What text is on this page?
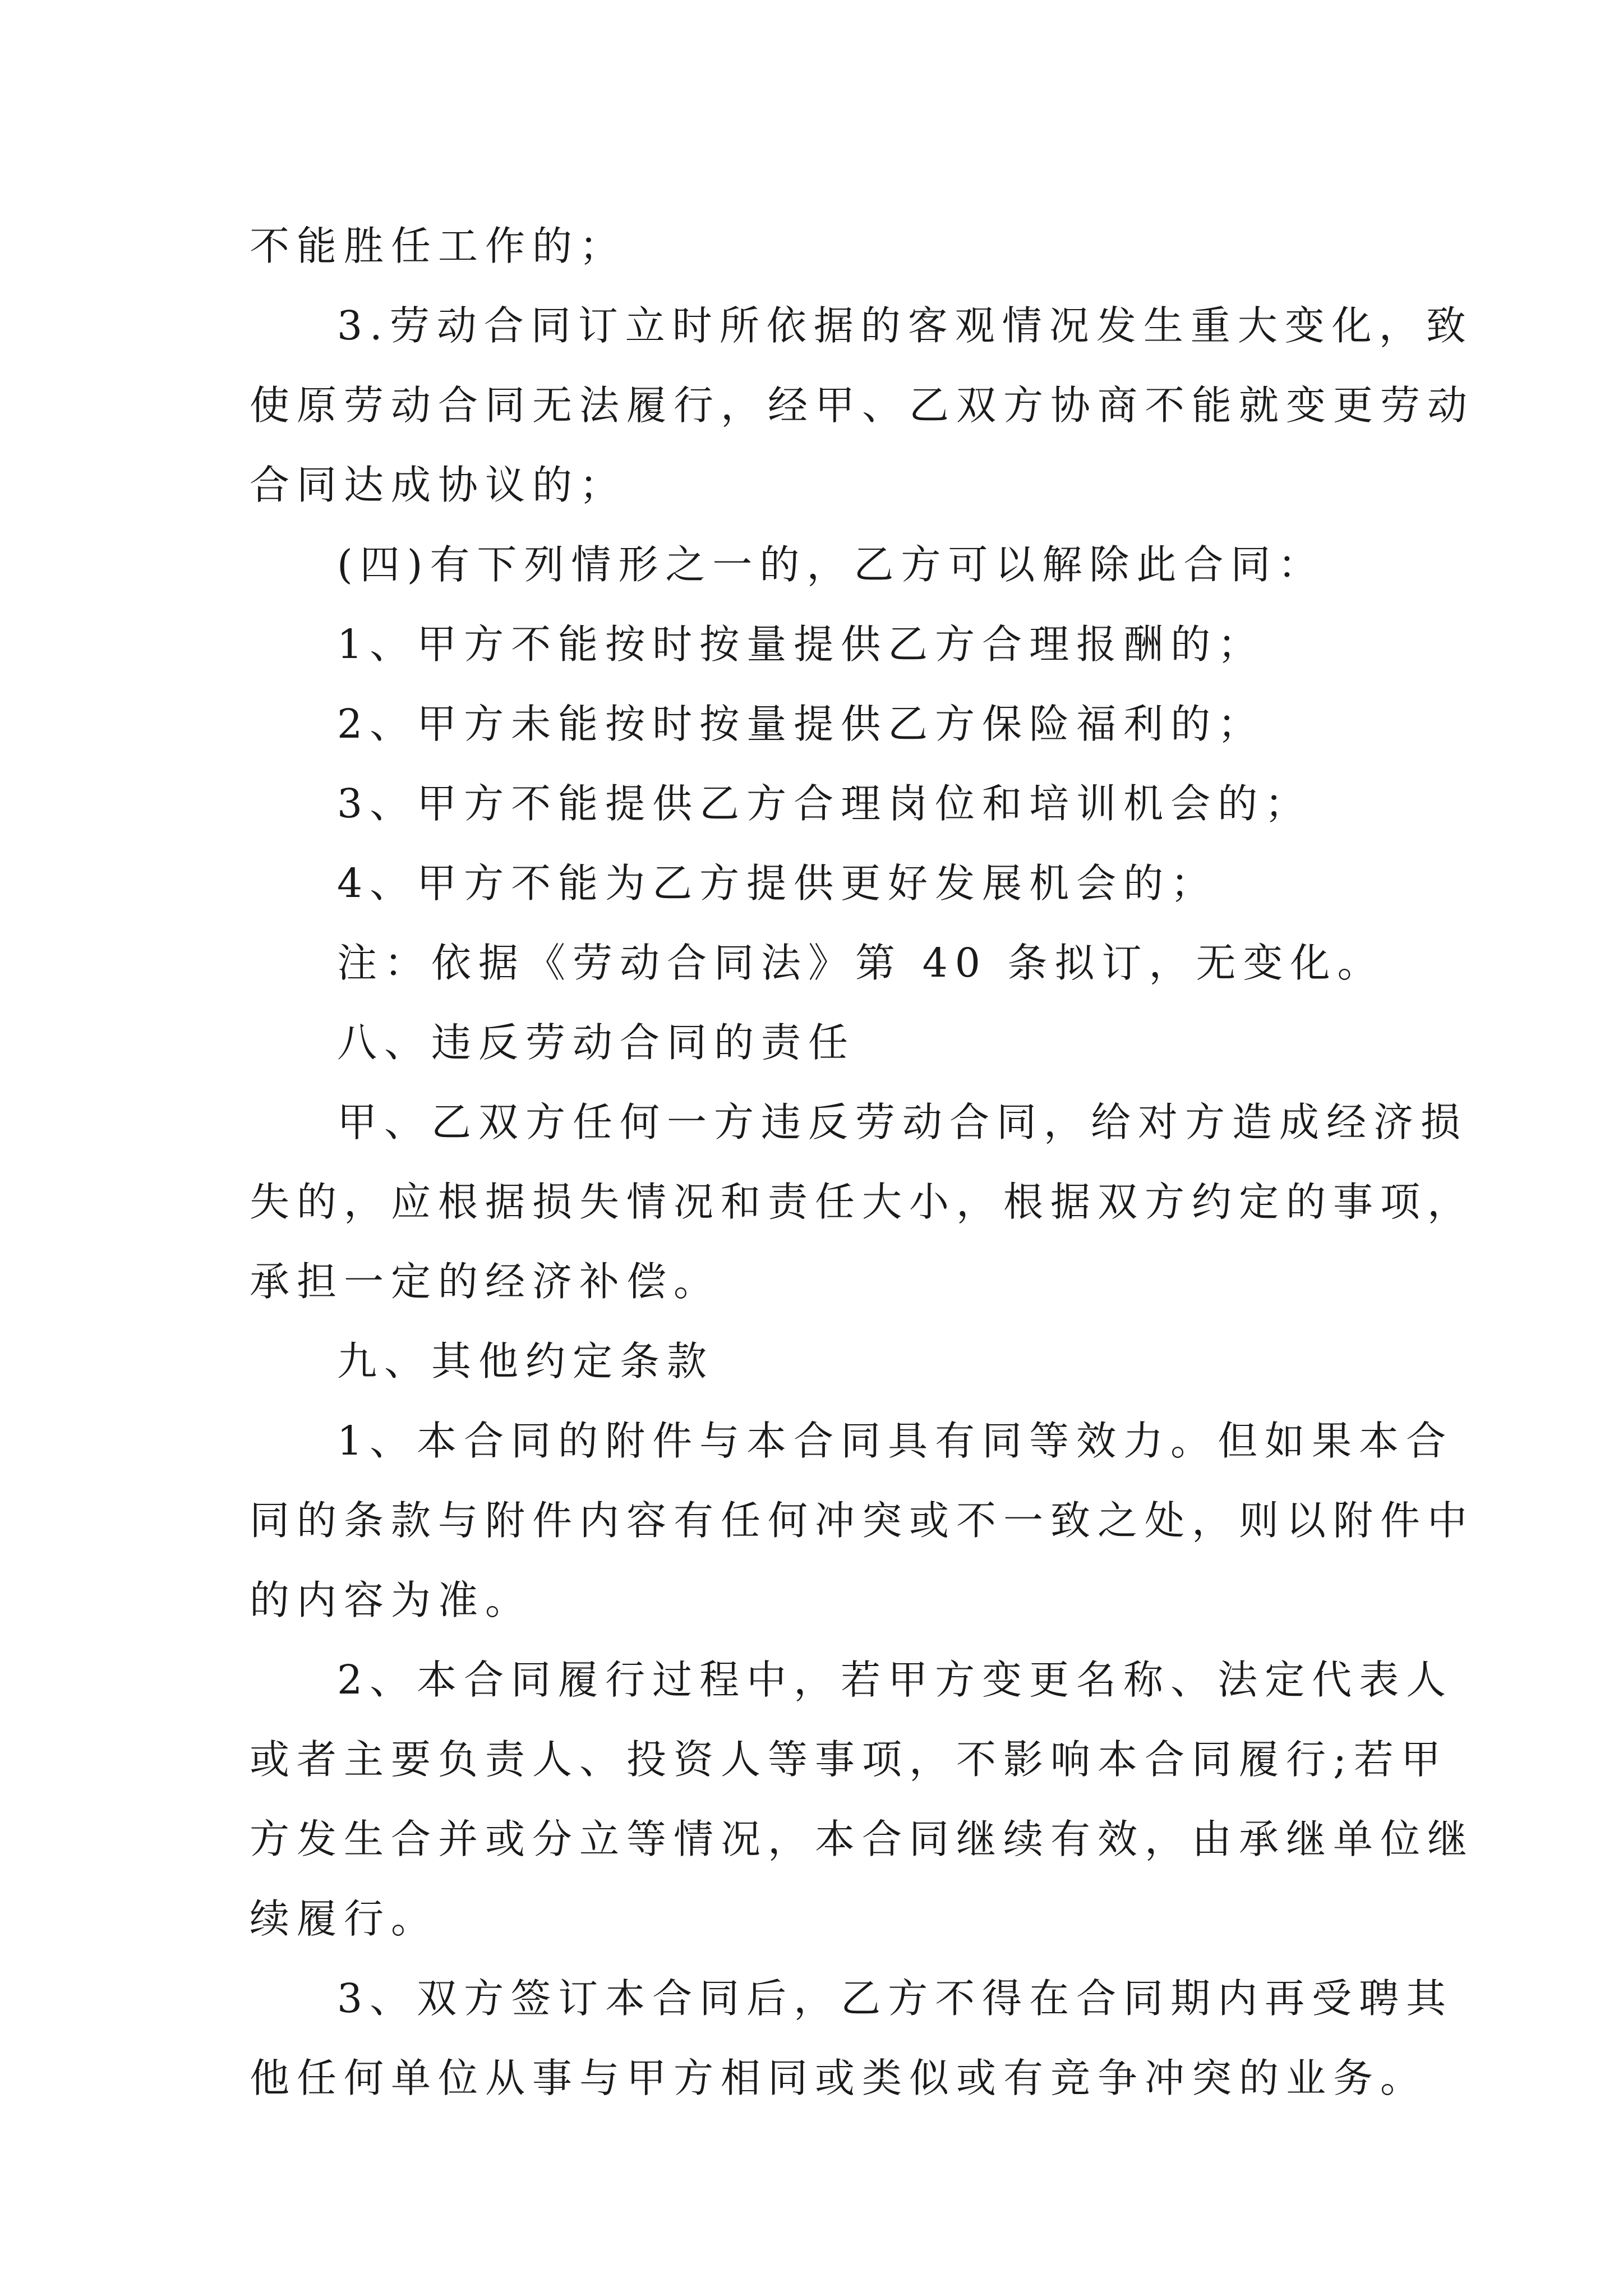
不能胜任工作的；
3.劳动合同订立时所依据的客观情况发生重大变化，致
使原劳动合同无法履行，经甲、乙双方协商不能就变更劳动
合同达成协议的；
(四)有下列情形之一的，乙方可以解除此合同：
1、甲方不能按时按量提供乙方合理报酬的；
2、甲方未能按时按量提供乙方保险福利的；
3、甲方不能提供乙方合理岗位和培训机会的；
4、甲方不能为乙方提供更好发展机会的；
注：依据《劳动合同法》第 40 条拟订，无变化。
八、违反劳动合同的责任
甲、乙双方任何一方违反劳动合同，给对方造成经济损
失的，应根据损失情况和责任大小，根据双方约定的事项，
承担一定的经济补偿。
九、其他约定条款
1、本合同的附件与本合同具有同等效力。但如果本合
同的条款与附件内容有任何冲突或不一致之处，则以附件中
的内容为准。
2、本合同履行过程中，若甲方变更名称、法定代表人
或者主要负责人、投资人等事项，不影响本合同履行;若甲
方发生合并或分立等情况，本合同继续有效，由承继单位继
续履行。
3、双方签订本合同后，乙方不得在合同期内再受聘其
他任何单位从事与甲方相同或类似或有竞争冲突的业务。
